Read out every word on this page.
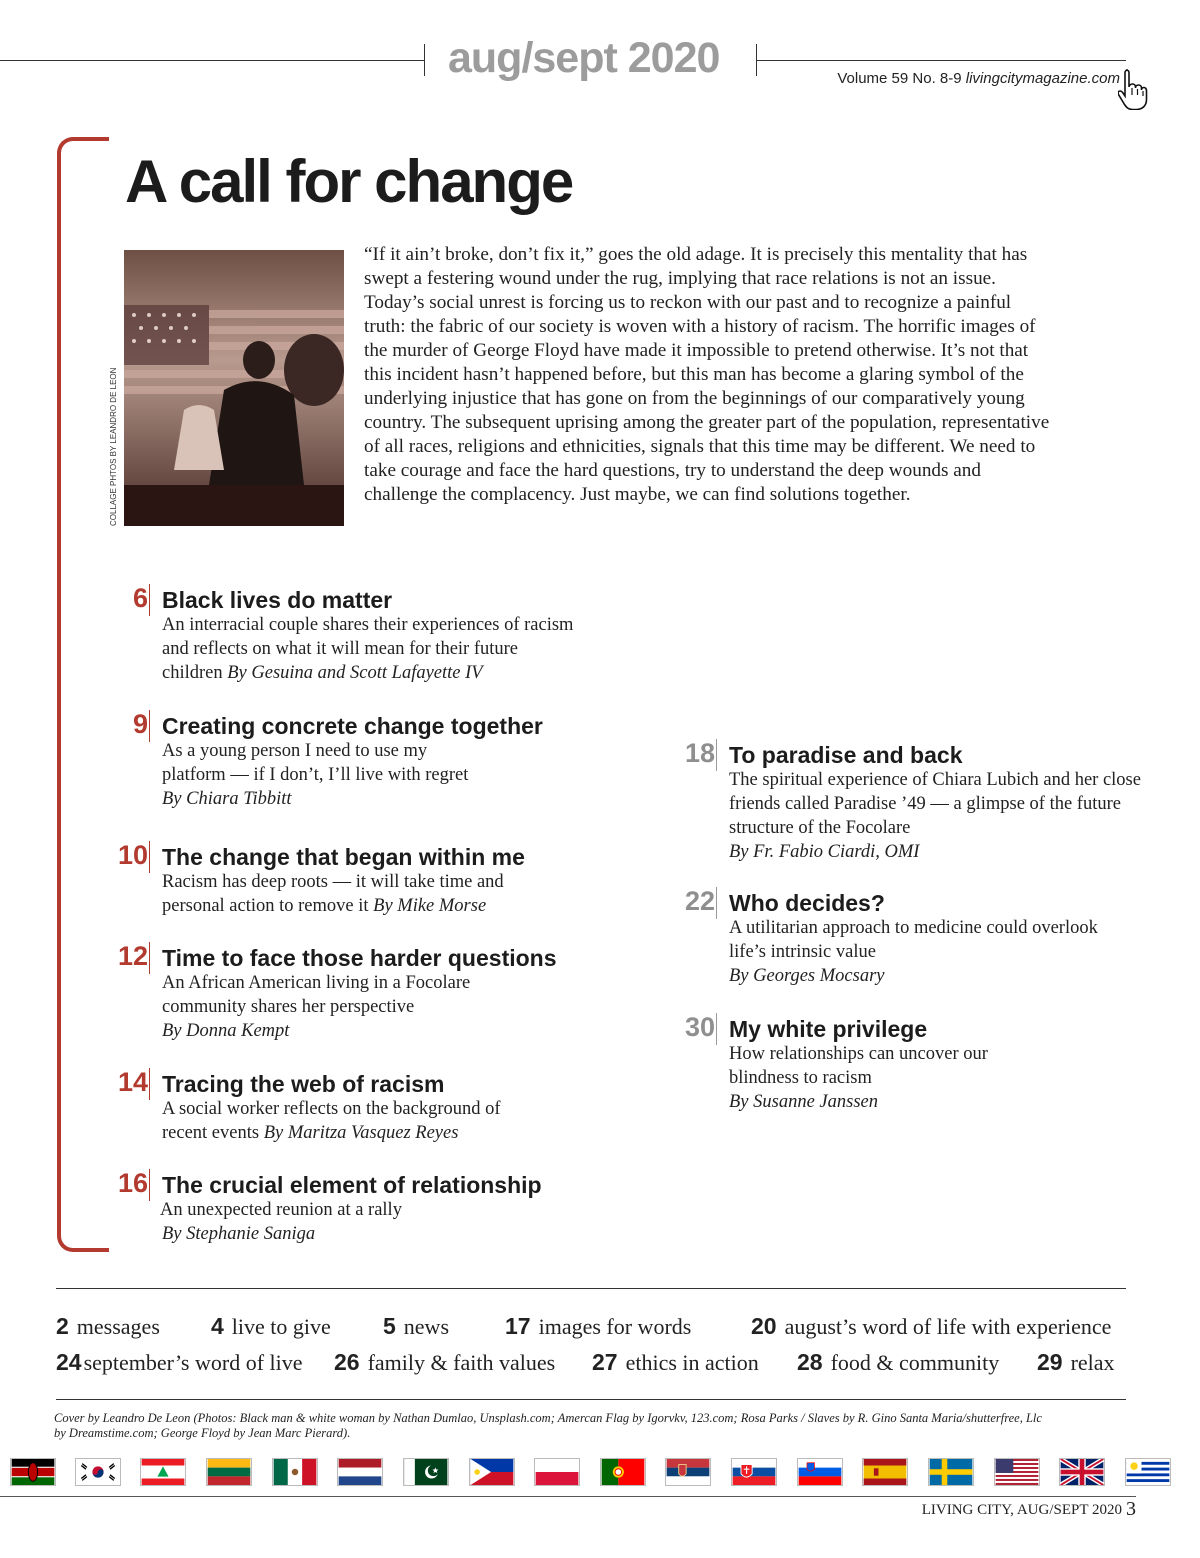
aug/sept 2020	Volume 59 No. 8-9 livingcitymagazine.com
A call for change
COLLAGE PHTOS BY LEANDRO DE LEON

“If it ain’t broke, don’t fix it,” goes the old adage. It is precisely this mentality that has swept a festering wound under the rug, implying that race relations is not an issue. Today’s social unrest is forcing us to reckon with our past and to recognize a painful truth: the fabric of our society is woven with a history of racism. The horrific images of the murder of George Floyd have made it impossible to pretend otherwise. It’s not that this incident hasn’t happened before, but this man has become a glaring symbol of the underlying injustice that has gone on from the beginnings of our comparatively young country. The subsequent uprising among the greater part of the population, representative of all races, religions and ethnicities, signals that this time may be different. We need to take courage and face the hard questions, try to understand the deep wounds and challenge the complacency. Just maybe, we can find solutions together.

6 Black lives do matter
An interracial couple shares their experiences of racism and reflects on what it will mean for their future children By Gesuina and Scott Lafayette IV
9 Creating concrete change together
As a young person I need to use my platform — if I don’t, I’ll live with regret
By Chiara Tibbitt
10 The change that began within me
Racism has deep roots — it will take time and personal action to remove it By Mike Morse
12 Time to face those harder questions
An African American living in a Focolare community shares her perspective
By Donna Kempt
14 Tracing the web of racism
A social worker reflects on the background of recent events By Maritza Vasquez Reyes
16 The crucial element of relationship
An unexpected reunion at a rally
By Stephanie Saniga
18 To paradise and back
The spiritual experience of Chiara Lubich and her close friends called Paradise ’49 — a glimpse of the future structure of the Focolare
By Fr. Fabio Ciardi, OMI
22 Who decides?
A utilitarian approach to medicine could overlook life’s intrinsic value
By Georges Mocsary
30 My white privilege
How relationships can uncover our blindness to racism
By Susanne Janssen
2 messages 4 live to give 5 news 17 images for words	20 august’s word of life with experience
24september’s word of live 26 family & faith values 27 ethics in action 28 food & community 29 relax
Cover by Leandro De Leon (Photos: Black man & white woman by Nathan Dumlao, Unsplash.com; Amercan Flag by Igorvkv, 123.com; Rosa Parks / Slaves by R. Gino Santa Maria/shutterfree, Llc by Dreamstime.com; George Floyd by Jean Marc Pierard).
LIVING CITY, AUG/SEPT 2020 3
